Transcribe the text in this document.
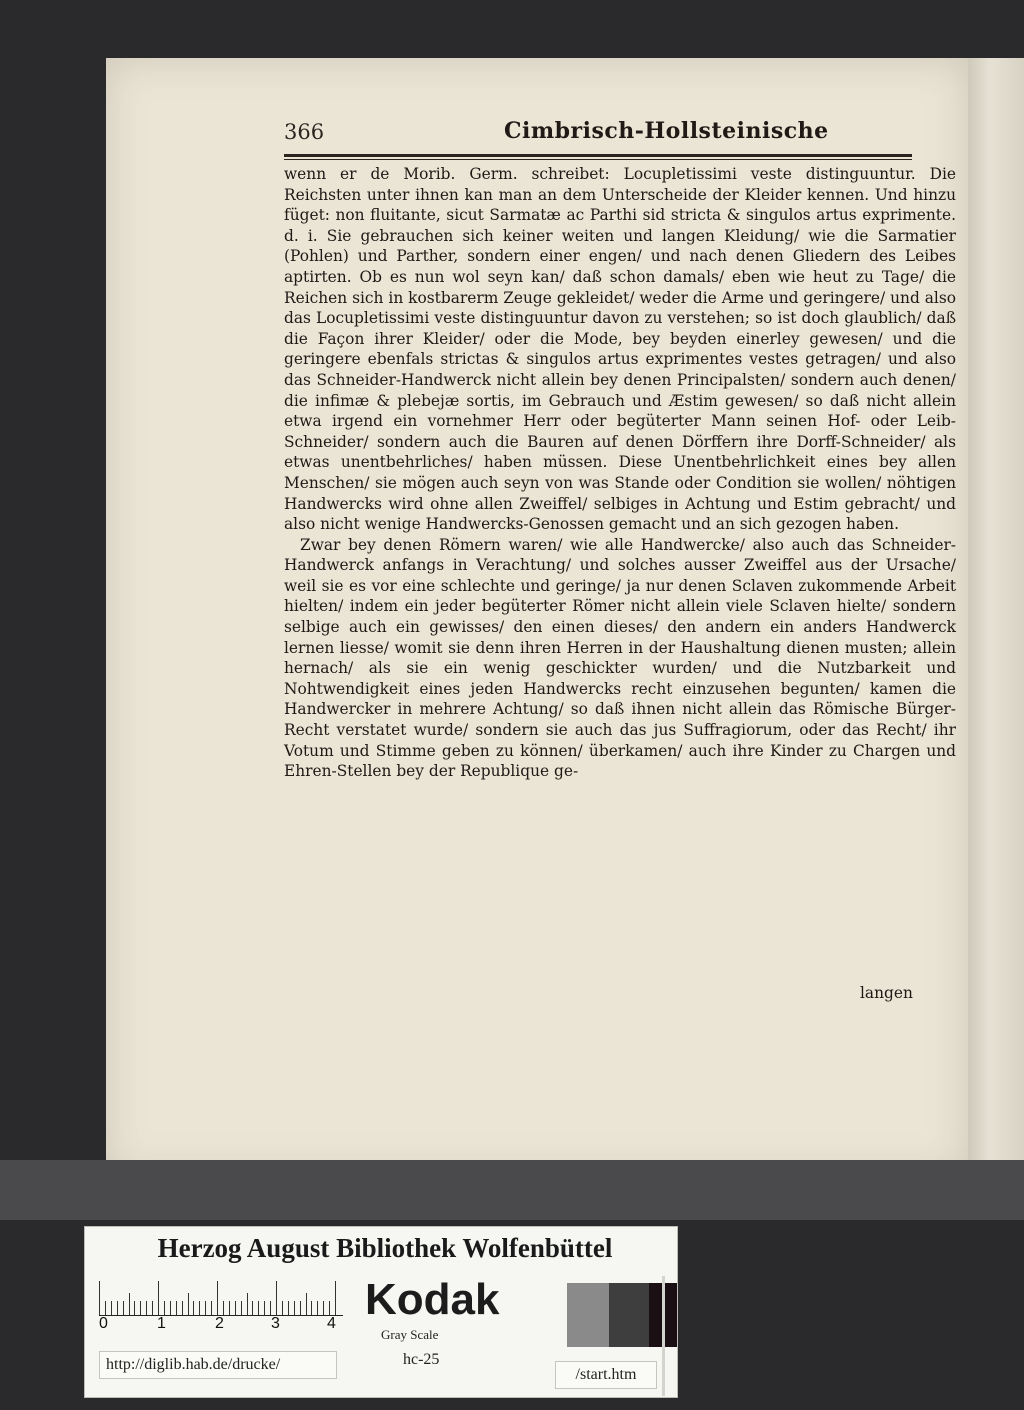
366	Cimbrisch-Hollsteinische

wenn er de Morib. Germ. schreibet: Locupletissimi veste distinguuntur. Die Reichsten unter ihnen kan man an dem Unterscheide der Kleider kennen. Und hinzu füget: non fluitante, sicut Sarmatæ ac Parthi sid stricta & singulos artus exprimente. d. i. Sie gebrauchen sich keiner weiten und langen Kleidung/ wie die Sarmatier (Pohlen) und Parther, sondern einer engen/ und nach denen Gliedern des Leibes aptirten. Ob es nun wol seyn kan/ daß schon damals/ eben wie heut zu Tage/ die Reichen sich in kostbarerm Zeuge gekleidet/ weder die Arme und geringere/ und also das Locupletissimi veste distinguuntur davon zu verstehen; so ist doch glaublich/ daß die Façon ihrer Kleider/ oder die Mode, bey beyden einerley gewesen/ und die geringere ebenfals strictas & singulos artus exprimentes vestes getragen/ und also das Schneider-Handwerck nicht allein bey denen Principalsten/ sondern auch denen/ die infimæ & plebejæ sortis, im Gebrauch und Æstim gewesen/ so daß nicht allein etwa irgend ein vornehmer Herr oder begüterter Mann seinen Hof- oder Leib-Schneider/ sondern auch die Bauren auf denen Dörffern ihre Dorff-Schneider/ als etwas unentbehrliches/ haben müssen. Diese Unentbehrlichkeit eines bey allen Menschen/ sie mögen auch seyn von was Stande oder Condition sie wollen/ nöhtigen Handwercks wird ohne allen Zweiffel/ selbiges in Achtung und Estim gebracht/ und also nicht wenige Handwercks-Genossen gemacht und an sich gezogen haben.

Zwar bey denen Römern waren/ wie alle Handwercke/ also auch das Schneider-Handwerck anfangs in Verachtung/ und solches ausser Zweiffel aus der Ursache/ weil sie es vor eine schlechte und geringe/ ja nur denen Sclaven zukommende Arbeit hielten/ indem ein jeder begüterter Römer nicht allein viele Sclaven hielte/ sondern selbige auch ein gewisses/ den einen dieses/ den andern ein anders Handwerck lernen liesse/ womit sie denn ihren Herren in der Haushaltung dienen musten; allein hernach/ als sie ein wenig geschickter wurden/ und die Nutzbarkeit und Nohtwendigkeit eines jeden Handwercks recht einzusehen begunten/ kamen die Handwercker in mehrere Achtung/ so daß ihnen nicht allein das Römische Bürger-Recht verstatet wurde/ sondern sie auch das jus Suffragiorum, oder das Recht/ ihr Votum und Stimme geben zu können/ überkamen/ auch ihre Kinder zu Chargen und Ehren-Stellen bey der Republique ge-

langen
Herzog August Bibliothek Wolfenbüttel
0	1	2	3	4 Kodak
Gray Scale
http://diglib.hab.de/drucke/	hc-25
/start.htm
